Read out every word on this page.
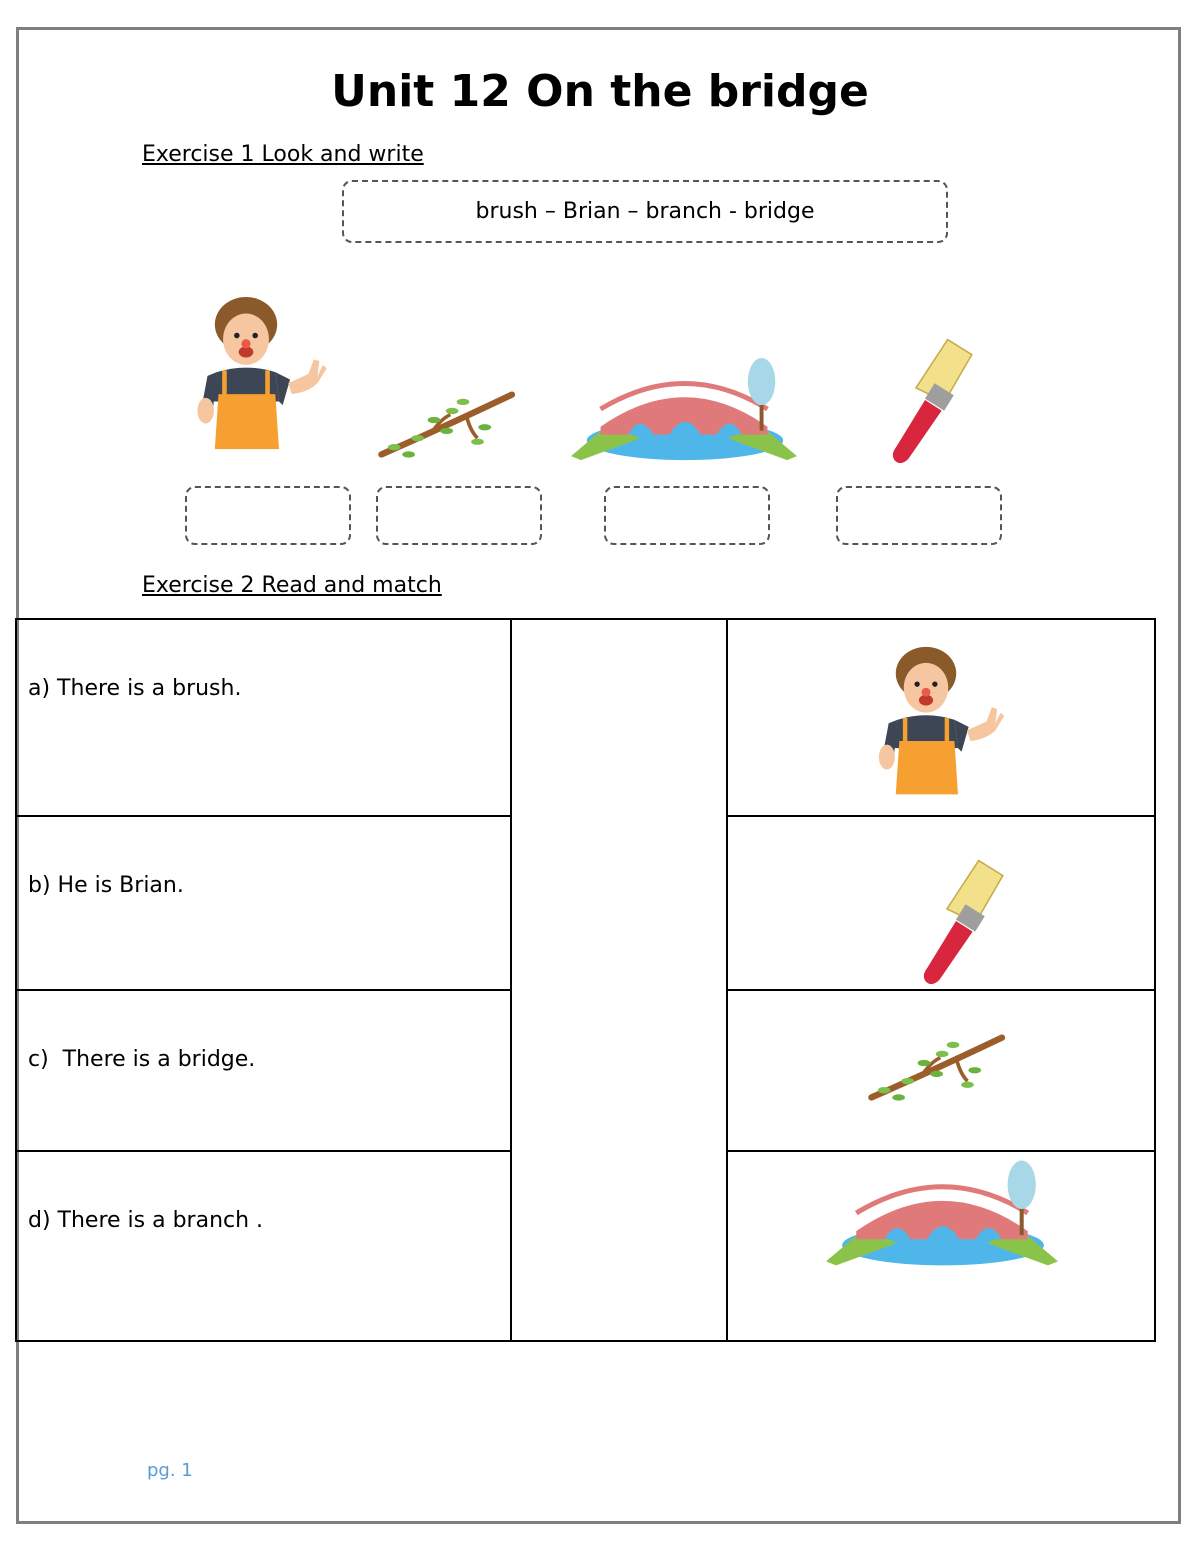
Unit 12 On the bridge
Exercise 1 Look and write
brush – Brian – branch - bridge
Exercise 2 Read and match
a) There is a brush.

b) He is Brian.

c)  There is a bridge.

d) There is a branch .

pg. 1
